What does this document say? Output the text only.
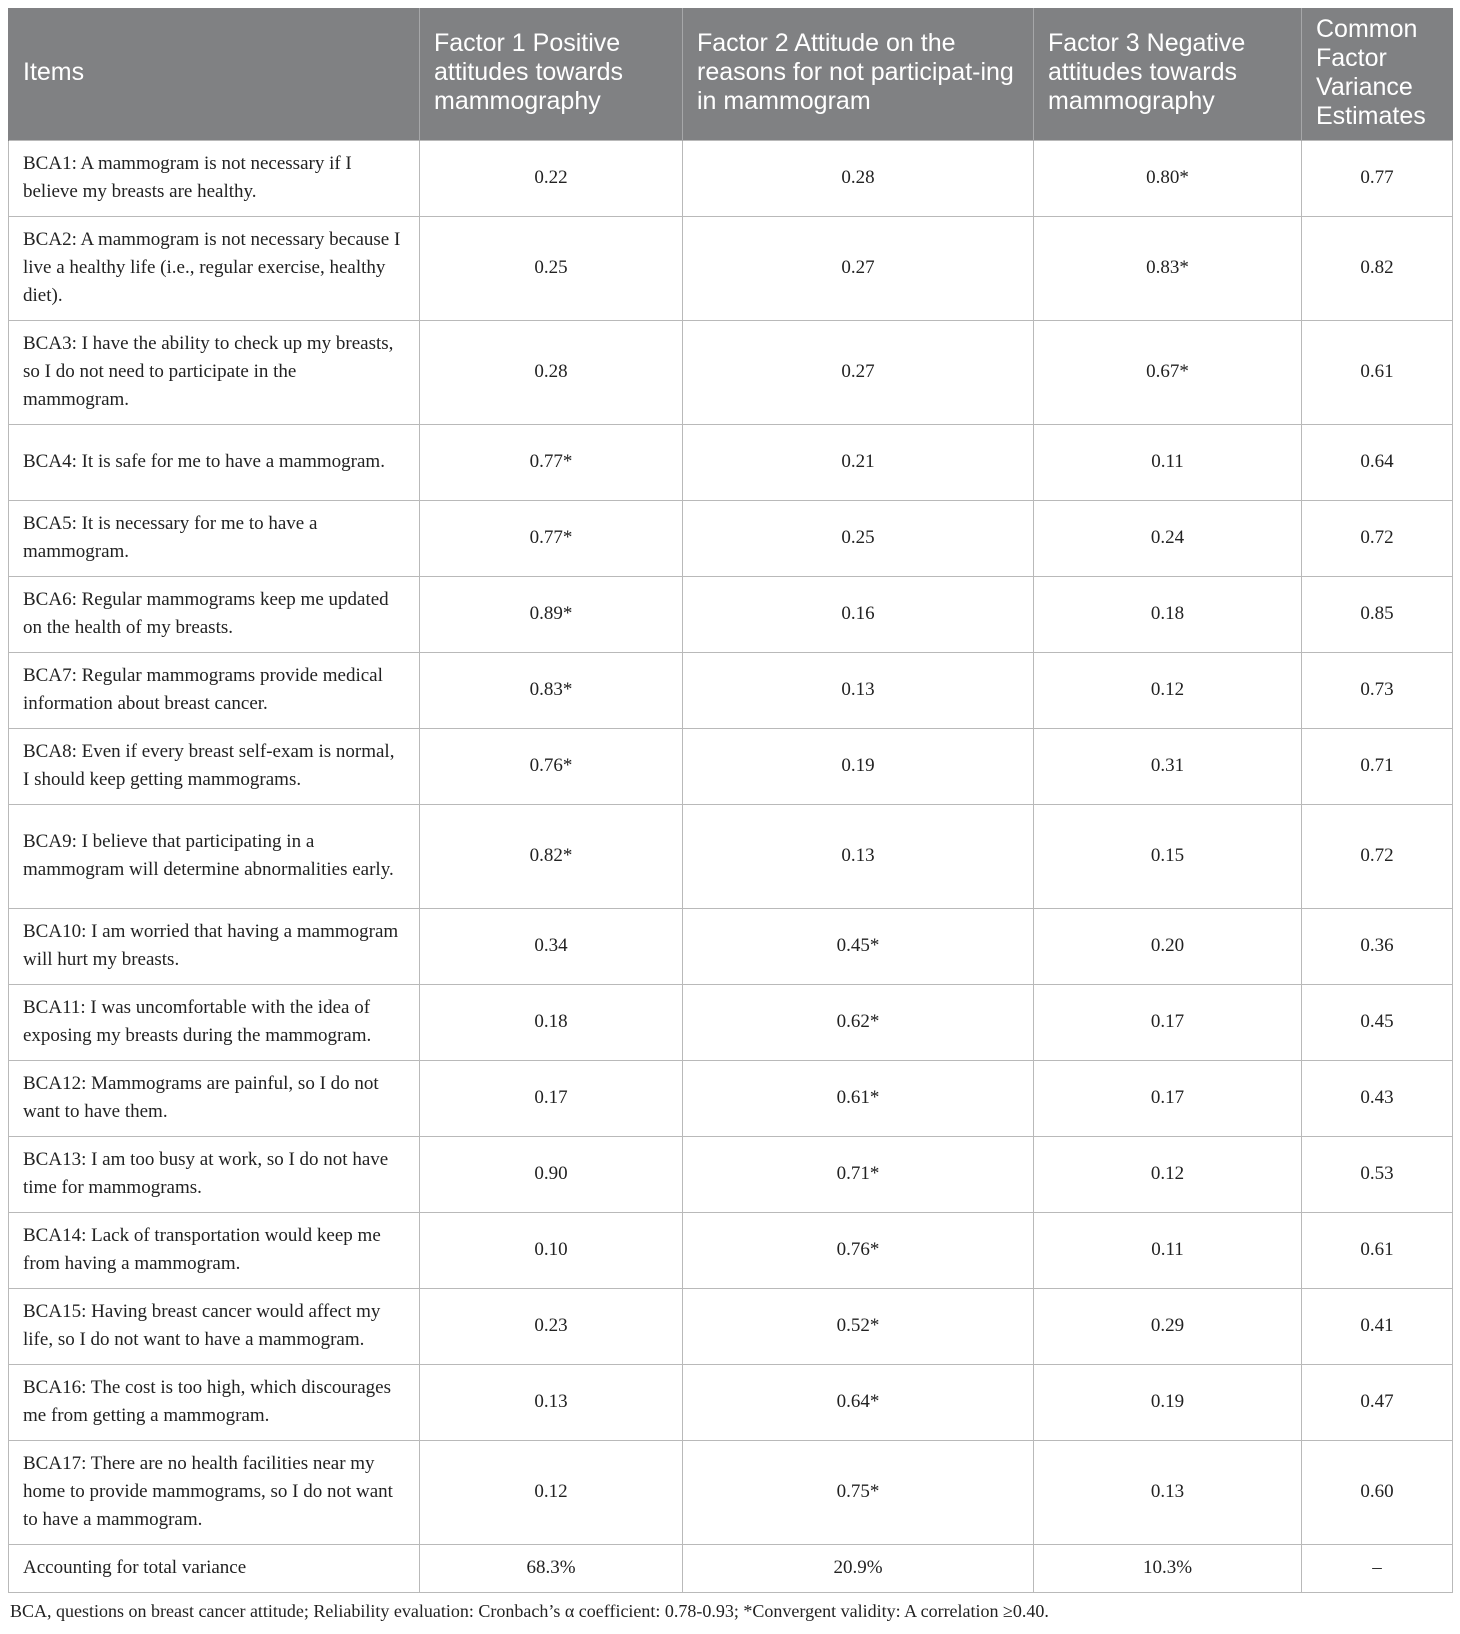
Items	Factor 1 Positive attitudes towards mammography	Factor 2 Attitude on the reasons for not participat-ing in mammogram	Factor 3 Negative attitudes towards mammography	Common Factor Variance Estimates
BCA1: A mammogram is not necessary if I believe my breasts are healthy.	0.22	0.28	0.80*	0.77
BCA2: A mammogram is not necessary because I live a healthy life (i.e., regular exercise, healthy diet).	0.25	0.27	0.83*	0.82
BCA3: I have the ability to check up my breasts, so I do not need to participate in the mammogram.	0.28	0.27	0.67*	0.61
BCA4: It is safe for me to have a mammogram.	0.77*	0.21	0.11	0.64
BCA5: It is necessary for me to have a mammogram.	0.77*	0.25	0.24	0.72
BCA6: Regular mammograms keep me updated on the health of my breasts.	0.89*	0.16	0.18	0.85
BCA7: Regular mammograms provide medical information about breast cancer.	0.83*	0.13	0.12	0.73
BCA8: Even if every breast self-exam is normal, I should keep getting mammograms.	0.76*	0.19	0.31	0.71
BCA9: I believe that participating in a mammogram will determine abnormalities early.	0.82*	0.13	0.15	0.72
BCA10: I am worried that having a mammogram will hurt my breasts.	0.34	0.45*	0.20	0.36
BCA11: I was uncomfortable with the idea of exposing my breasts during the mammogram.	0.18	0.62*	0.17	0.45
BCA12: Mammograms are painful, so I do not want to have them.	0.17	0.61*	0.17	0.43
BCA13: I am too busy at work, so I do not have time for mammograms.	0.90	0.71*	0.12	0.53
BCA14: Lack of transportation would keep me from having a mammogram.	0.10	0.76*	0.11	0.61
BCA15: Having breast cancer would affect my life, so I do not want to have a mammogram.	0.23	0.52*	0.29	0.41
BCA16: The cost is too high, which discourages me from getting a mammogram.	0.13	0.64*	0.19	0.47
BCA17: There are no health facilities near my home to provide mammograms, so I do not want to have a mammogram.	0.12	0.75*	0.13	0.60
Accounting for total variance	68.3%	20.9%	10.3%	–
BCA, questions on breast cancer attitude; Reliability evaluation: Cronbach’s α coefficient: 0.78-0.93; *Convergent validity: A correlation ≥0.40.
